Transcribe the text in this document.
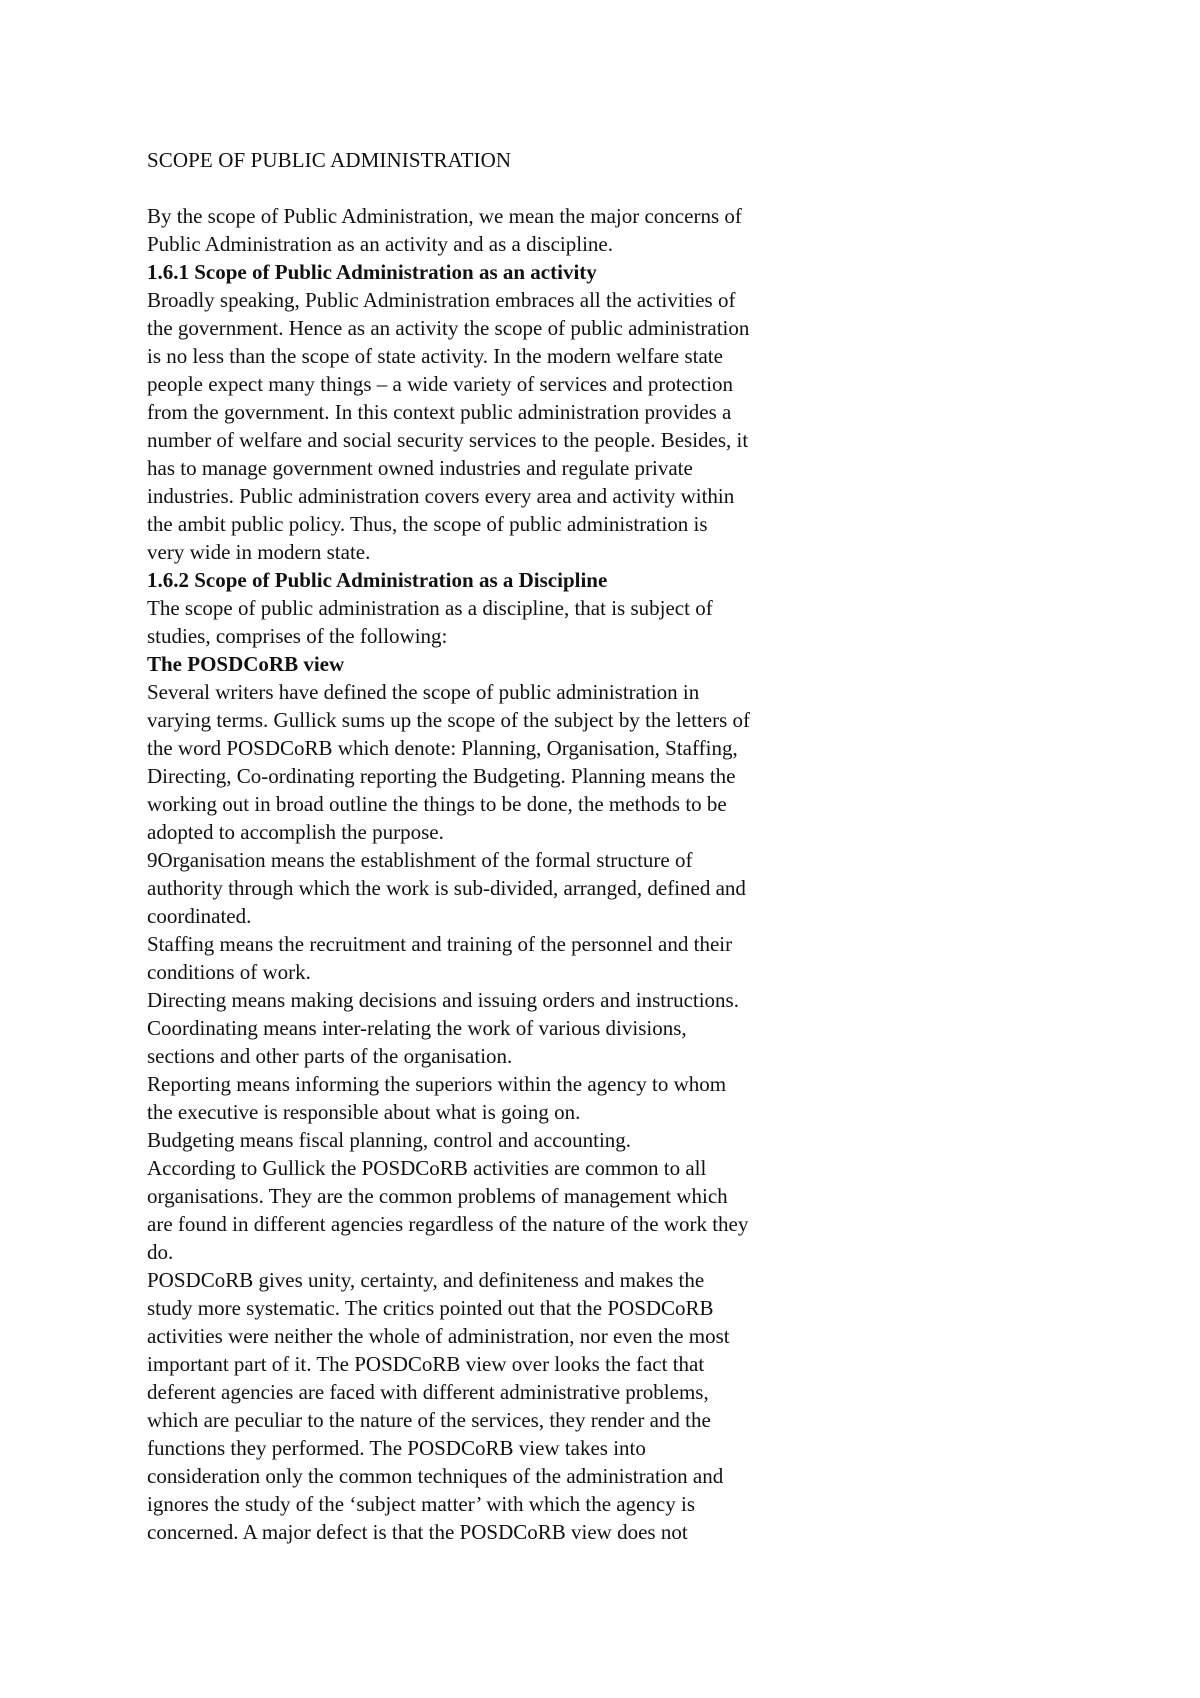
SCOPE OF PUBLIC ADMINISTRATION

By the scope of Public Administration, we mean the major concerns of

Public Administration as an activity and as a discipline.

1.6.1 Scope of Public Administration as an activity

Broadly speaking, Public Administration embraces all the activities of

the government. Hence as an activity the scope of public administration

is no less than the scope of state activity. In the modern welfare state

people expect many things – a wide variety of services and protection

from the government. In this context public administration provides a

number of welfare and social security services to the people. Besides, it

has to manage government owned industries and regulate private

industries. Public administration covers every area and activity within

the ambit public policy. Thus, the scope of public administration is

very wide in modern state.

1.6.2 Scope of Public Administration as a Discipline

The scope of public administration as a discipline, that is subject of

studies, comprises of the following:

The POSDCoRB view

Several writers have defined the scope of public administration in

varying terms. Gullick sums up the scope of the subject by the letters of

the word POSDCoRB which denote: Planning, Organisation, Staffing,

Directing, Co-ordinating reporting the Budgeting. Planning means the

working out in broad outline the things to be done, the methods to be

adopted to accomplish the purpose.

9Organisation means the establishment of the formal structure of

authority through which the work is sub-divided, arranged, defined and

coordinated.

Staffing means the recruitment and training of the personnel and their

conditions of work.

Directing means making decisions and issuing orders and instructions.

Coordinating means inter-relating the work of various divisions,

sections and other parts of the organisation.

Reporting means informing the superiors within the agency to whom

the executive is responsible about what is going on.

Budgeting means fiscal planning, control and accounting.

According to Gullick the POSDCoRB activities are common to all

organisations. They are the common problems of management which

are found in different agencies regardless of the nature of the work they

do.

POSDCoRB gives unity, certainty, and definiteness and makes the

study more systematic. The critics pointed out that the POSDCoRB

activities were neither the whole of administration, nor even the most

important part of it. The POSDCoRB view over looks the fact that

deferent agencies are faced with different administrative problems,

which are peculiar to the nature of the services, they render and the

functions they performed. The POSDCoRB view takes into

consideration only the common techniques of the administration and

ignores the study of the ‘subject matter’ with which the agency is

concerned. A major defect is that the POSDCoRB view does not
